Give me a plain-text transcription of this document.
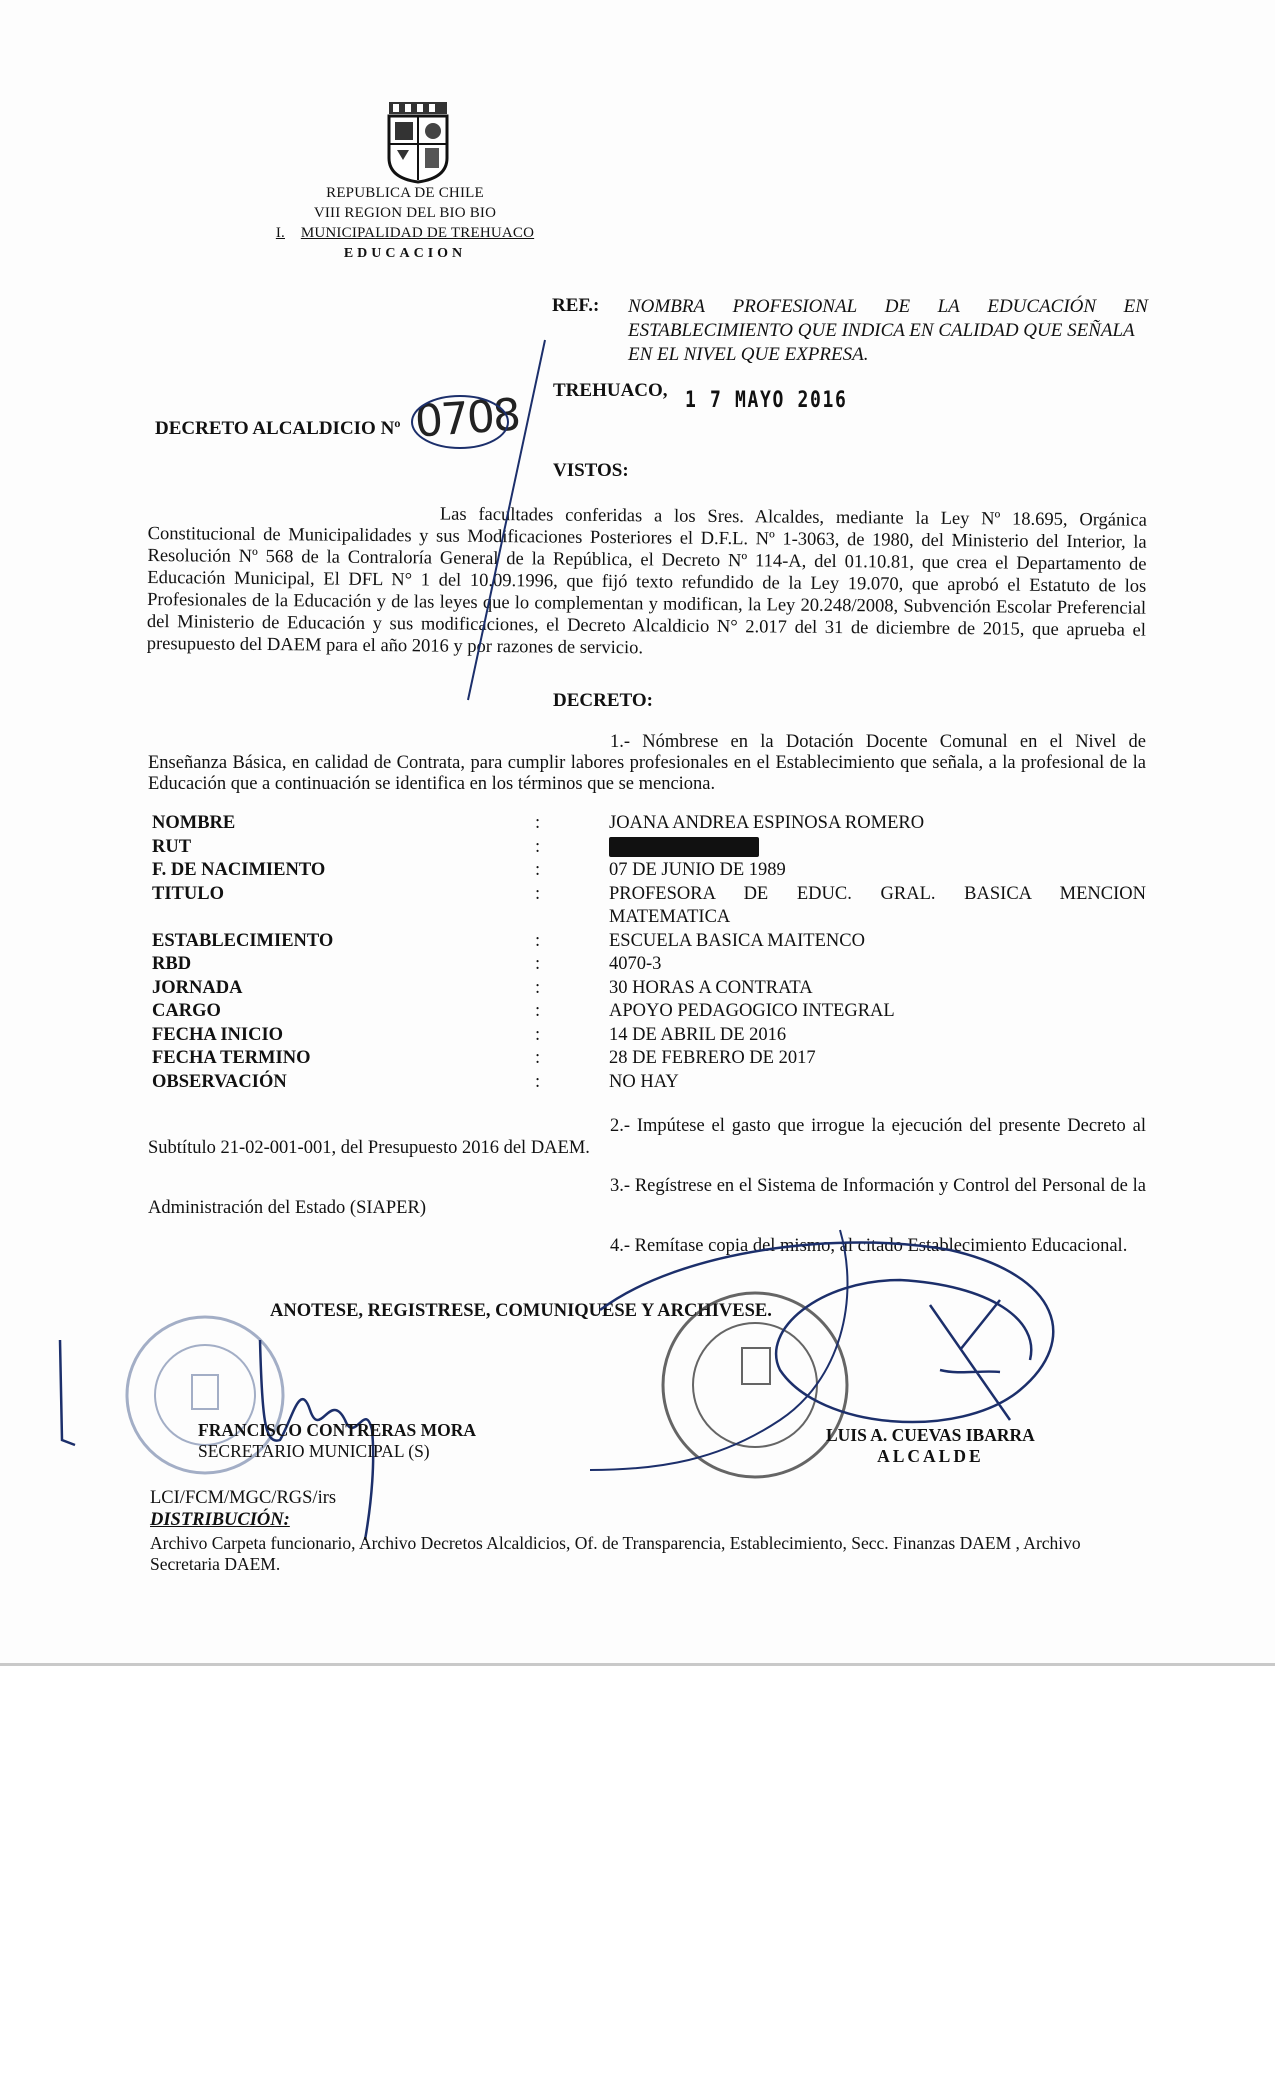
REPUBLICA DE CHILE
VIII REGION DEL BIO BIO
I. MUNICIPALIDAD DE TREHUACO
EDUCACION
REF.: NOMBRA PROFESIONAL DE LA EDUCACIÓN EN
ESTABLECIMIENTO QUE INDICA EN CALIDAD QUE SEÑALA
EN EL NIVEL QUE EXPRESA.
TREHUACO, 1 7 MAYO 2016
DECRETO ALCALDICIO Nº 0708
VISTOS:

Las facultades conferidas a los Sres. Alcaldes, mediante la Ley Nº 18.695, Orgánica Constitucional de Municipalidades y sus Modificaciones Posteriores el D.F.L. Nº 1-3063, de 1980, del Ministerio del Interior, la Resolución Nº 568 de la Contraloría General de la República, el Decreto Nº 114-A, del 01.10.81, que crea el Departamento de Educación Municipal, El DFL N° 1 del 10.09.1996, que fijó texto refundido de la Ley 19.070, que aprobó el Estatuto de los Profesionales de la Educación y de las leyes que lo complementan y modifican, la Ley 20.248/2008, Subvención Escolar Preferencial del Ministerio de Educación y sus modificaciones, el Decreto Alcaldicio N° 2.017 del 31 de diciembre de 2015, que aprueba el presupuesto del DAEM para el año 2016 y por razones de servicio.

DECRETO:

1.- Nómbrese en la Dotación Docente Comunal en el Nivel de Enseñanza Básica, en calidad de Contrata, para cumplir labores profesionales en el Establecimiento que señala, a la profesional de la Educación que a continuación se identifica en los términos que se menciona.

NOMBRE	:	JOANA ANDREA ESPINOSA ROMERO
RUT	:
F. DE NACIMIENTO	:	07 DE JUNIO DE 1989
TITULO	:	PROFESORA DE EDUC. GRAL. BASICA MENCION
MATEMATICA
ESTABLECIMIENTO	:	ESCUELA BASICA MAITENCO
RBD	:	4070-3
JORNADA	:	30 HORAS A CONTRATA
CARGO	:	APOYO PEDAGOGICO INTEGRAL
FECHA INICIO	:	14 DE ABRIL DE 2016
FECHA TERMINO	:	28 DE FEBRERO DE 2017
OBSERVACIÓN	:	NO HAY

2.- Impútese el gasto que irrogue la ejecución del presente Decreto al Subtítulo 21-02-001-001, del Presupuesto 2016 del DAEM.

3.- Regístrese en el Sistema de Información y Control del Personal de la Administración del Estado (SIAPER)

4.- Remítase copia del mismo, al citado Establecimiento Educacional.

ANOTESE, REGISTRESE, COMUNIQUESE Y ARCHIVESE.
FRANCISCO CONTRERAS MORA
SECRETARIO MUNICIPAL (S)
LUIS A. CUEVAS IBARRA
ALCALDE
LCI/FCM/MGC/RGS/irs
DISTRIBUCIÓN:
Archivo Carpeta funcionario, Archivo Decretos Alcaldicios, Of. de Transparencia, Establecimiento, Secc. Finanzas DAEM , Archivo Secretaria DAEM.
